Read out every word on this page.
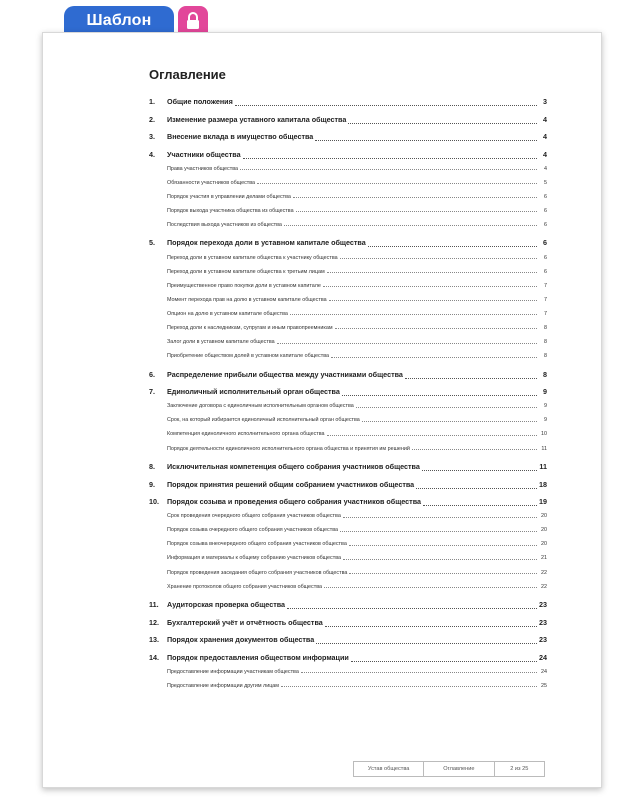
Шаблон
Оглавление
1.	Общие положения	3
2.	Изменение размера уставного капитала общества	4
3.	Внесение вклада в имущество общества	4
4.	Участники общества	4
Права участников общества	4
Обязанности участников общества	5
Порядок участия в управлении делами общества	6
Порядок выхода участника общества из общества	6
Последствия выхода участников из общества	6
5.	Порядок перехода доли в уставном капитале общества	6
Переход доли в уставном капитале общества к участнику общества	6
Переход доли в уставном капитале общества к третьим лицам	6
Преимущественное право покупки доли в уставном капитале	7
Момент перехода прав на долю в уставном капитале общества	7
Опцион на долю в уставном капитале общества	7
Переход доли к наследникам, супругам и иным правопреемникам	8
Залог доли в уставном капитале общества	8
Приобретение обществом долей в уставном капитале общества	8
6.	Распределение прибыли общества между участниками общества	8
7.	Единоличный исполнительный орган общества	9
Заключение договора с единоличным исполнительным органом общества	9
Срок, на который избирается единоличный исполнительный орган общества	9
Компетенция единоличного исполнительного органа общества	10
Порядок деятельности единоличного исполнительного органа общества и принятия им решений	11
8.	Исключительная компетенция общего собрания участников общества	11
9.	Порядок принятия решений общим собранием участников общества	18
10.	Порядок созыва и проведения общего собрания участников общества	19
Срок проведения очередного общего собрания участников общества	20
Порядок созыва очередного общего собрания участников общества	20
Порядок созыва внеочередного общего собрания участников общества	20
Информация и материалы к общему собранию участников общества	21
Порядок проведения заседания общего собрания участников общества	22
Хранение протоколов общего собрания участников общества	22
11.	Аудиторская проверка общества	23
12.	Бухгалтерский учёт и отчётность общества	23
13.	Порядок хранения документов общества	23
14.	Порядок предоставления обществом информации	24
Предоставление информации участникам общества	24
Предоставление информации другим лицам	25
Устав общества	Оглавление	2 из 25
